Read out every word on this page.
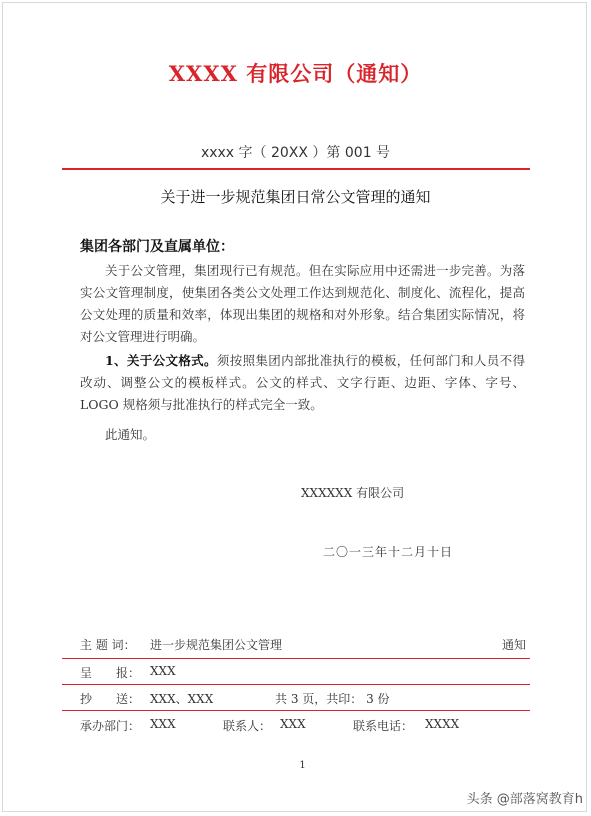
XXXX 有限公司（通知）
xxxx 字（ 20XX ）第 001 号
关于进一步规范集团日常公文管理的通知
集团各部门及直属单位：
关于公文管理，集团现行已有规范。但在实际应用中还需进一步完善。为落实公文管理制度，使集团各类公文处理工作达到规范化、制度化、流程化，提高公文处理的质量和效率，体现出集团的规格和对外形象。结合集团实际情况，将对公文管理进行明确。
1、关于公文格式。须按照集团内部批准执行的模板，任何部门和人员不得改动、调整公文的模板样式。公文的样式、文字行距、边距、字体、字号、LOGO 规格须与批准执行的样式完全一致。
此通知。
XXXXXX 有限公司
二〇一三年十二月十日
主 题 词： 进一步规范集团公文管理	通知
呈　　报： XXX
抄　　送： XXX、XXX	共 3 页，共印： 3 份
承办部门： XXX	联系人： XXX	联系电话： XXXX
1
头条 @部落窝教育h
